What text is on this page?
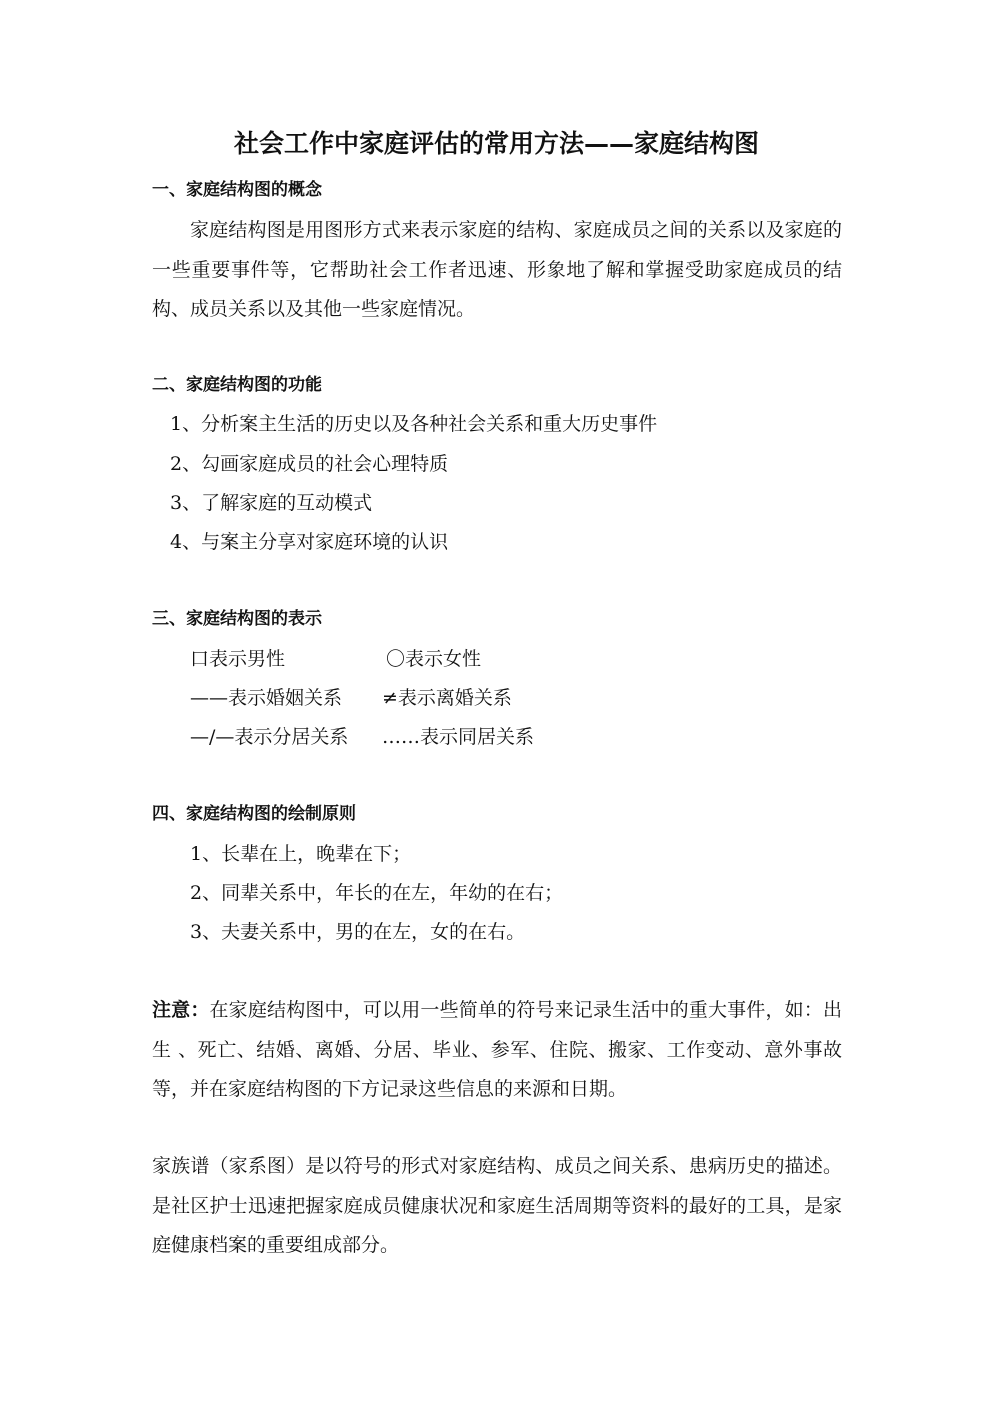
社会工作中家庭评估的常用方法——家庭结构图
一、家庭结构图的概念
家庭结构图是用图形方式来表示家庭的结构、家庭成员之间的关系以及家庭的一些重要事件等，它帮助社会工作者迅速、形象地了解和掌握受助家庭成员的结构、成员关系以及其他一些家庭情况。
二、家庭结构图的功能
1、分析案主生活的历史以及各种社会关系和重大历史事件
2、勾画家庭成员的社会心理特质
3、了解家庭的互动模式
4、与案主分享对家庭环境的认识
三、家庭结构图的表示
口表示男性	〇表示女性
——表示婚姻关系 ≠表示离婚关系
—/—表示分居关系 ……表示同居关系
四、家庭结构图的绘制原则
1、长辈在上，晚辈在下；
2、同辈关系中，年长的在左，年幼的在右；
3、夫妻关系中，男的在左，女的在右。
注意：在家庭结构图中，可以用一些简单的符号来记录生活中的重大事件，如：出生 、死亡、结婚、离婚、分居、毕业、参军、住院、搬家、工作变动、意外事故等，并在家庭结构图的下方记录这些信息的来源和日期。
家族谱（家系图）是以符号的形式对家庭结构、成员之间关系、患病历史的描述。是社区护士迅速把握家庭成员健康状况和家庭生活周期等资料的最好的工具，是家庭健康档案的重要组成部分。
